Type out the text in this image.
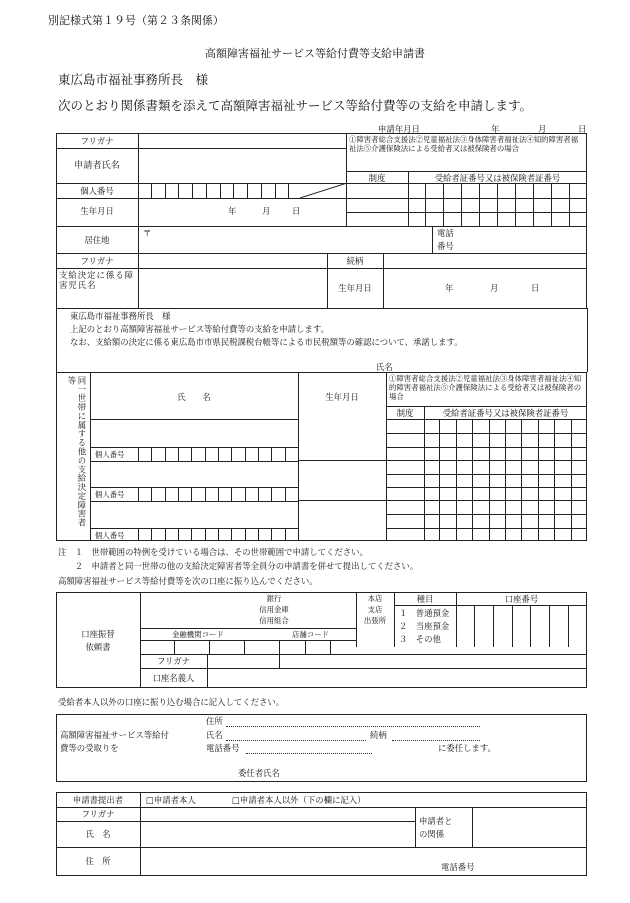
別記様式第１９号（第２３条関係）
高額障害福祉サービス等給付費等支給申請書
東広島市福祉事務所長　様
次のとおり関係書類を添えて高額障害福祉サービス等給付費等の支給を申請します。
申請年月日	年	月	日
フリガナ
申請者氏名
個人番号
生年月日	年	月	日
居住地
〒	電話
番号
①障害者総合支援法②児童福祉法③身体障害者福祉法④知的障害者福祉法⑤介護保険法による受給者又は被保険者の場合
制度	受給者証番号又は被保険者証番号
フリガナ	続柄
支給決定に係る障害児氏名	生年月日	年	月	日
東広島市福祉事務所長　様
上記のとおり高額障害福祉サービス等給付費等の支給を申請します。
なお、支給額の決定に係る東広島市市県民税課税台帳等による市民税額等の確認について、承諾します。
氏名
同一世帯に属する他の支給決定障害者等
氏　　名	生年月日
①障害者総合支援法②児童福祉法③身体障害者福祉法④知的障害者福祉法⑤介護保険法による受給者又は被保険者の場合
制度	受給者証番号又は被保険者証番号
個人番号
個人番号
個人番号
注　１　世帯範囲の特例を受けている場合は、その世帯範囲で申請してください。
　　２　申請者と同一世帯の他の支給決定障害者等全員分の申請書を併せて提出してください。
高額障害福祉サービス等給付費等を次の口座に振り込んでください。
口座振替
依頼書
銀行
信用金庫
信用組合
本店
支店
出張所
種目	口座番号
１　普通預金
２　当座預金
３　その他
金融機関コード	店舗コード
フリガナ
口座名義人
受給者本人以外の口座に振り込む場合に記入してください。
高額障害福祉サービス等給付
費等の受取りを
住所
氏名	続柄
電話番号	に委任します。
委任者氏名
申請書提出者	□申請者本人	□申請者本人以外（下の欄に記入）
フリガナ
氏　名
申請者と
の関係
住　所
電話番号
